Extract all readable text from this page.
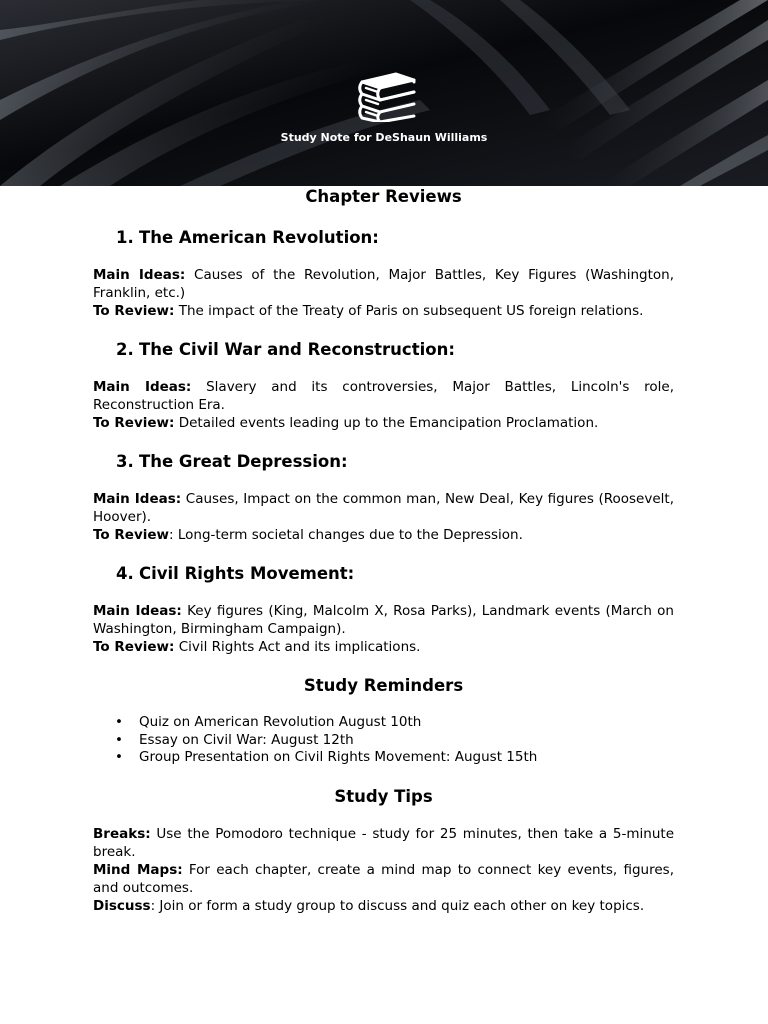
Study Note for DeShaun Williams
Chapter Reviews
1. The American Revolution:

Main Ideas: Causes of the Revolution, Major Battles, Key Figures (Washington, Franklin, etc.)

To Review: The impact of the Treaty of Paris on subsequent US foreign relations.

2. The Civil War and Reconstruction:

Main Ideas: Slavery and its controversies, Major Battles, Lincoln's role, Reconstruction Era.

To Review: Detailed events leading up to the Emancipation Proclamation.

3. The Great Depression:

Main Ideas: Causes, Impact on the common man, New Deal, Key figures (Roosevelt, Hoover).

To Review: Long-term societal changes due to the Depression.

4. Civil Rights Movement:

Main Ideas: Key figures (King, Malcolm X, Rosa Parks), Landmark events (March on Washington, Birmingham Campaign).

To Review: Civil Rights Act and its implications.

Study Reminders
• Quiz on American Revolution August 10th
• Essay on Civil War: August 12th
• Group Presentation on Civil Rights Movement: August 15th
Study Tips

Breaks: Use the Pomodoro technique - study for 25 minutes, then take a 5-minute break.

Mind Maps: For each chapter, create a mind map to connect key events, figures, and outcomes.

Discuss: Join or form a study group to discuss and quiz each other on key topics.
